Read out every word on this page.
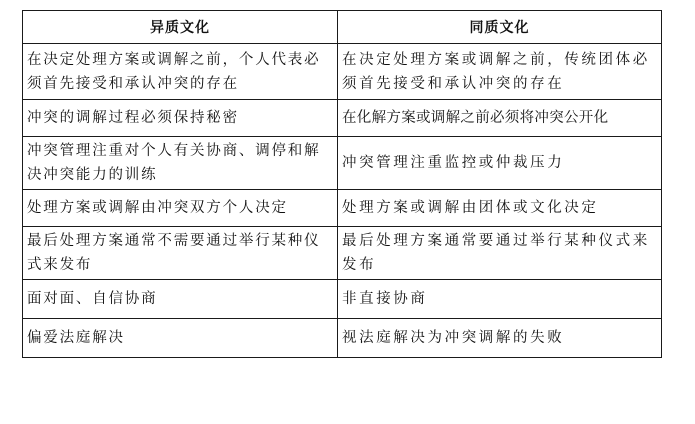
异质文化	同质文化
在决定处理方案或调解之前，个人代表必须首先接受和承认冲突的存在	在决定处理方案或调解之前，传统团体必须首先接受和承认冲突的存在
冲突的调解过程必须保持秘密	在化解方案或调解之前必须将冲突公开化
冲突管理注重对个人有关协商、调停和解决冲突能力的训练	冲突管理注重监控或仲裁压力
处理方案或调解由冲突双方个人决定	处理方案或调解由团体或文化决定
最后处理方案通常不需要通过举行某种仪式来发布	最后处理方案通常要通过举行某种仪式来发布
面对面、自信协商	非直接协商
偏爱法庭解决	视法庭解决为冲突调解的失败
